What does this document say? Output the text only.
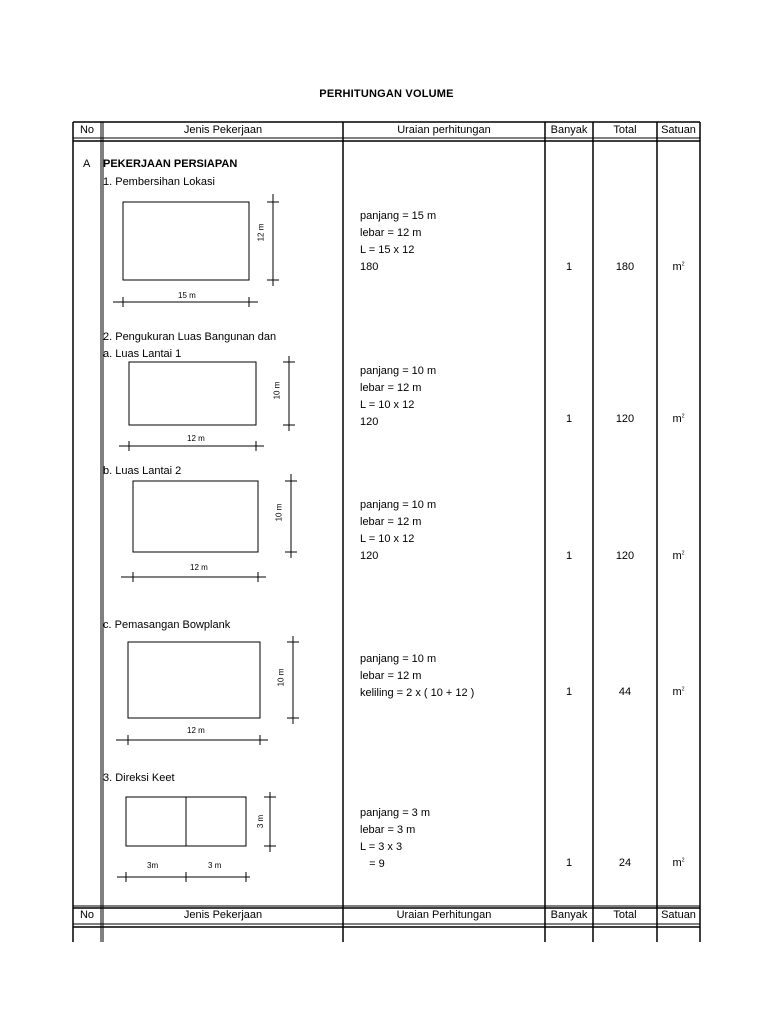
PERHITUNGAN VOLUME
No	Jenis Pekerjaan	Uraian perhitungan	Banyak	Total	Satuan
A PEKERJAAN PERSIAPAN
1. Pembersihan Lokasi
12 m
15 m
panjang = 15 m
lebar = 12 m
L = 15 x 12
180	1	180	$m^2$
2. Pengukuran Luas Bangunan dan
a. Luas Lantai 1
10 m
12 m
panjang = 10 m
lebar = 12 m
L = 10 x 12
120	1	120	$m^2$
b. Luas Lantai 2
10 m
12 m
panjang = 10 m
lebar = 12 m
L = 10 x 12
120	1	120	$m^2$
c. Pemasangan Bowplank
10 m
12 m
panjang = 10 m
lebar = 12 m
keliling = 2 x ( 10 + 12 )	1	44	$m^2$
3. Direksi Keet
3 m
3m	3 m
panjang = 3 m
lebar = 3 m
L = 3 x 3
= 9	1	24	$m^2$
No	Jenis Pekerjaan	Uraian Perhitungan	Banyak	Total	Satuan
